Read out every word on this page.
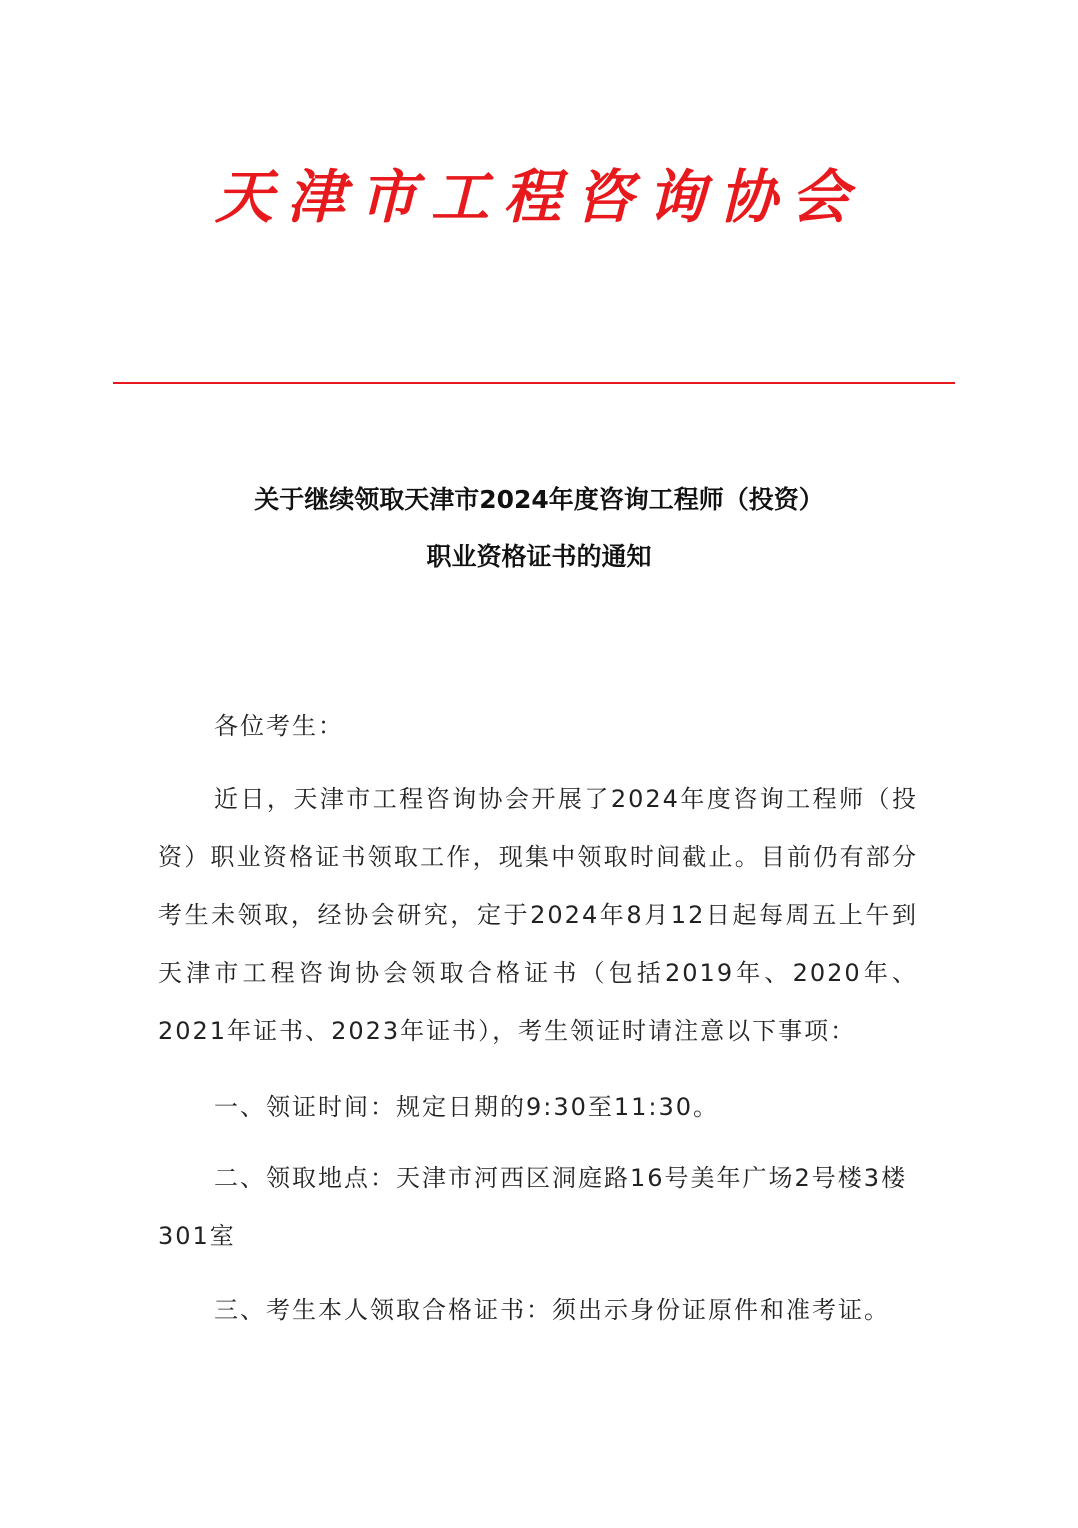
天津市工程咨询协会
关于继续领取天津市2024年度咨询工程师（投资）
职业资格证书的通知
各位考生：
近日，天津市工程咨询协会开展了2024年度咨询工程师（投资）职业资格证书领取工作，现集中领取时间截止。目前仍有部分考生未领取，经协会研究，定于2024年8月12日起每周五上午到天津市工程咨询协会领取合格证书（包括2019年、2020年、2021年证书、2023年证书），考生领证时请注意以下事项：
一、领证时间：规定日期的9:30至11:30。
二、领取地点：天津市河西区洞庭路16号美年广场2号楼3楼301室
三、考生本人领取合格证书：须出示身份证原件和准考证。
